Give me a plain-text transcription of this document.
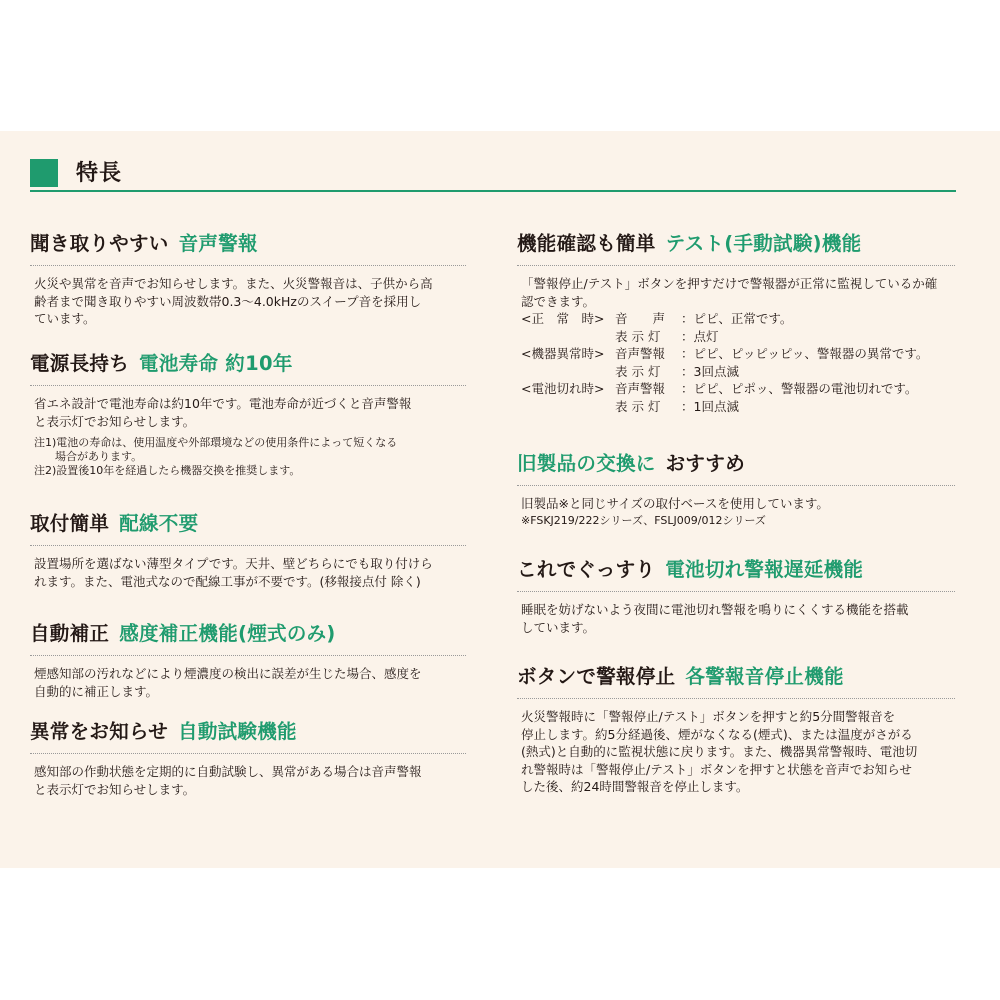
特長
聞き取りやすい 音声警報
火災や異常を音声でお知らせします。また、火災警報音は、子供から高
齢者まで聞き取りやすい周波数帯0.3〜4.0kHzのスイープ音を採用し
ています。
電源長持ち 電池寿命 約10年
省エネ設計で電池寿命は約10年です。電池寿命が近づくと音声警報
と表示灯でお知らせします。
注1)電池の寿命は、使用温度や外部環境などの使用条件によって短くなる
場合があります。
注2)設置後10年を経過したら機器交換を推奨します。
取付簡単 配線不要
設置場所を選ばない薄型タイプです。天井、壁どちらにでも取り付けら
れます。また、電池式なので配線工事が不要です。(移報接点付 除く)
自動補正 感度補正機能(煙式のみ)
煙感知部の汚れなどにより煙濃度の検出に誤差が生じた場合、感度を
自動的に補正します。
異常をお知らせ 自動試験機能
感知部の作動状態を定期的に自動試験し、異常がある場合は音声警報
と表示灯でお知らせします。
機能確認も簡単 テスト(手動試験)機能
「警報停止/テスト」ボタンを押すだけで警報器が正常に監視しているか確
認できます。
<正　常　時> 音　　声	：ピピ、正常です。
表 示 灯	：点灯
<機器異常時> 音声警報	：ピピ、ピッピッピッ、警報器の異常です。
表 示 灯	：3回点滅
<電池切れ時> 音声警報	：ピピ、ピポッ、警報器の電池切れです。
表 示 灯	：1回点滅
旧製品の交換に おすすめ
旧製品※と同じサイズの取付ベースを使用しています。
※FSKJ219/222シリーズ、FSLJ009/012シリーズ
これでぐっすり 電池切れ警報遅延機能
睡眠を妨げないよう夜間に電池切れ警報を鳴りにくくする機能を搭載
しています。
ボタンで警報停止 各警報音停止機能
火災警報時に「警報停止/テスト」ボタンを押すと約5分間警報音を
停止します。約5分経過後、煙がなくなる(煙式)、または温度がさがる
(熱式)と自動的に監視状態に戻ります。また、機器異常警報時、電池切
れ警報時は「警報停止/テスト」ボタンを押すと状態を音声でお知らせ
した後、約24時間警報音を停止します。
